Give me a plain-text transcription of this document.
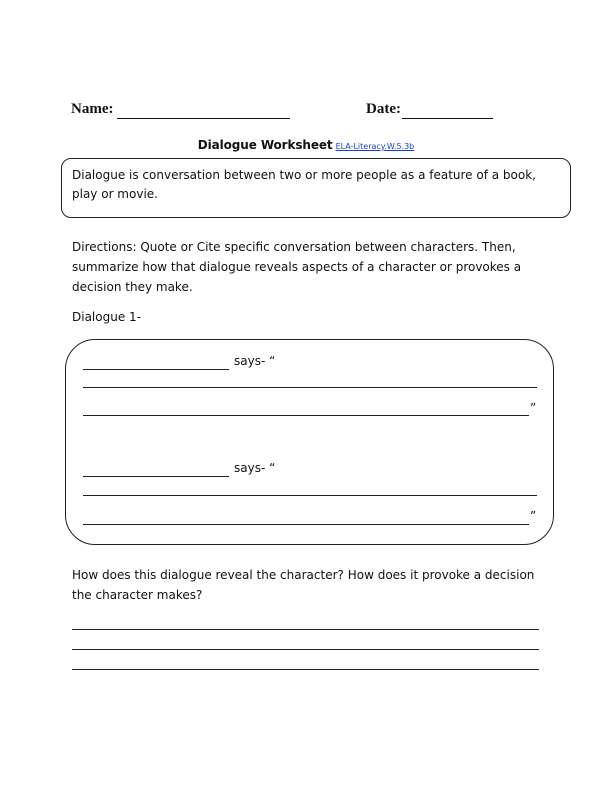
Name:	Date:
Dialogue Worksheet ELA-Literacy.W.5.3b
Dialogue is conversation between two or more people as a feature of a book, play or movie.
Directions: Quote or Cite specific conversation between characters. Then, summarize how that dialogue reveals aspects of a character or provokes a decision they make.
Dialogue 1-
says- “
”
says- “
”
How does this dialogue reveal the character? How does it provoke a decision the character makes?
